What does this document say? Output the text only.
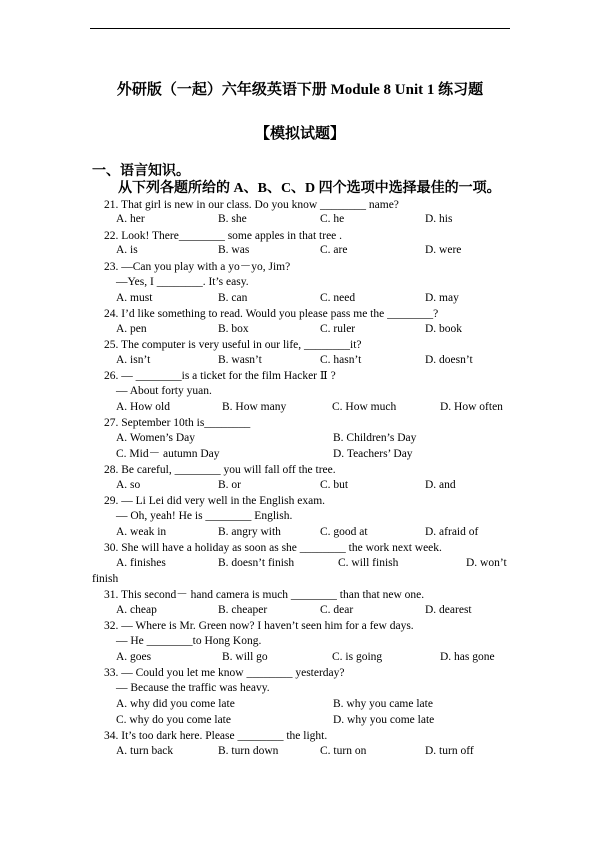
外研版（一起）六年级英语下册 Module 8 Unit 1 练习题
【模拟试题】
一、语言知识。
从下列各题所给的 A、B、C、D 四个选项中选择最佳的一项。
21. That girl is new in our class. Do you know ________ name?
A. her	B. she	C. he	D. his
22. Look! There________ some apples in that tree .
A. is	B. was	C. are	D. were
23. —Can you play with a yo－yo, Jim?
—Yes, I ________. It’s easy.
A. must	B. can	C. need	D. may
24. I’d like something to read. Would you please pass me the ________?
A. pen	B. box	C. ruler	D. book
25. The computer is very useful in our life, ________it?
A. isn’t	B. wasn’t	C. hasn’t	D. doesn’t
26. — ________is a ticket for the film Hacker Ⅱ ?
— About forty yuan.
A. How old	B. How many	C. How much	D. How often
27. September 10th is________
A. Women’s Day	B. Children’s Day
C. Mid－ autumn Day	D. Teachers’ Day
28. Be careful, ________ you will fall off the tree.
A. so	B. or	C. but	D. and
29. — Li Lei did very well in the English exam.
— Oh, yeah! He is ________ English.
A. weak in	B. angry with	C. good at	D. afraid of
30. She will have a holiday as soon as she ________ the work next week.
A. finishes	B. doesn’t finish	C. will finish	D. won’t
finish
31. This second－ hand camera is much ________ than that new one.
A. cheap	B. cheaper	C. dear	D. dearest
32. — Where is Mr. Green now? I haven’t seen him for a few days.
— He ________to Hong Kong.
A. goes	B. will go	C. is going	D. has gone
33. — Could you let me know ________ yesterday?
— Because the traffic was heavy.
A. why did you come late	B. why you came late
C. why do you come late	D. why you come late
34. It’s too dark here. Please ________ the light.
A. turn back	B. turn down	C. turn on	D. turn off
